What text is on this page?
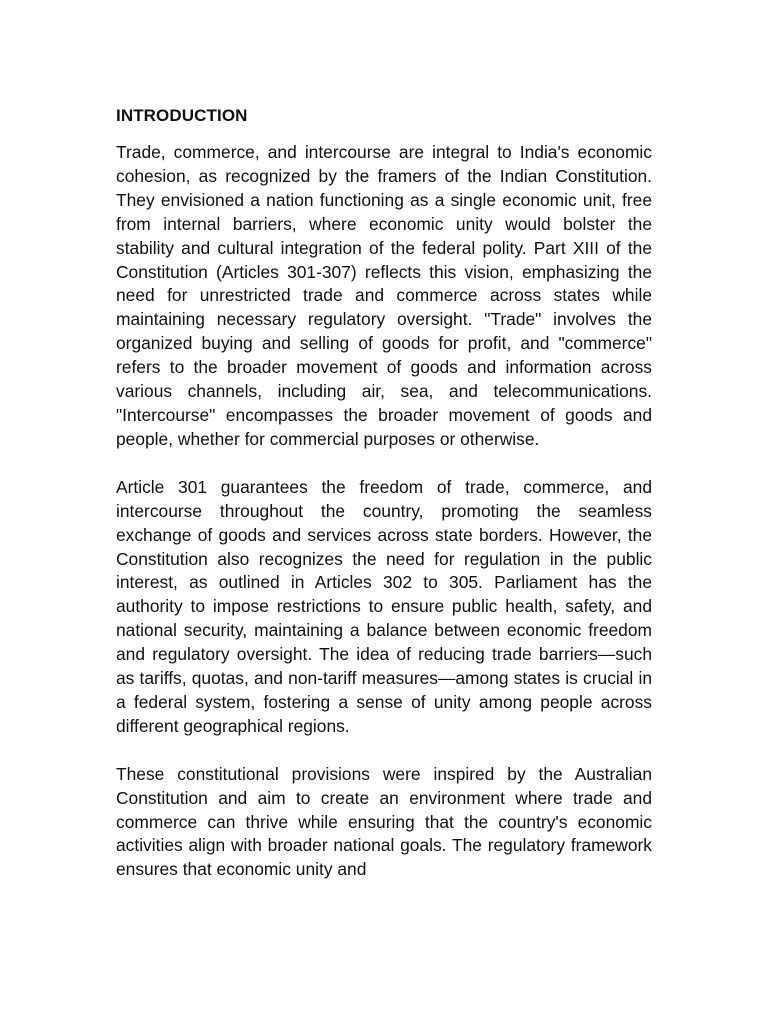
INTRODUCTION

Trade, commerce, and intercourse are integral to India's economic cohesion, as recognized by the framers of the Indian Constitution. They envisioned a nation functioning as a single economic unit, free from internal barriers, where economic unity would bolster the stability and cultural integration of the federal polity. Part XIII of the Constitution (Articles 301-307) reflects this vision, emphasizing the need for unrestricted trade and commerce across states while maintaining necessary regulatory oversight. "Trade" involves the organized buying and selling of goods for profit, and "commerce" refers to the broader movement of goods and information across various channels, including air, sea, and telecommunications. "Intercourse" encompasses the broader movement of goods and people, whether for commercial purposes or otherwise.

Article 301 guarantees the freedom of trade, commerce, and intercourse throughout the country, promoting the seamless exchange of goods and services across state borders. However, the Constitution also recognizes the need for regulation in the public interest, as outlined in Articles 302 to 305. Parliament has the authority to impose restrictions to ensure public health, safety, and national security, maintaining a balance between economic freedom and regulatory oversight. The idea of reducing trade barriers—such as tariffs, quotas, and non-tariff measures—among states is crucial in a federal system, fostering a sense of unity among people across different geographical regions.

These constitutional provisions were inspired by the Australian Constitution and aim to create an environment where trade and commerce can thrive while ensuring that the country's economic activities align with broader national goals. The regulatory framework ensures that economic unity and
